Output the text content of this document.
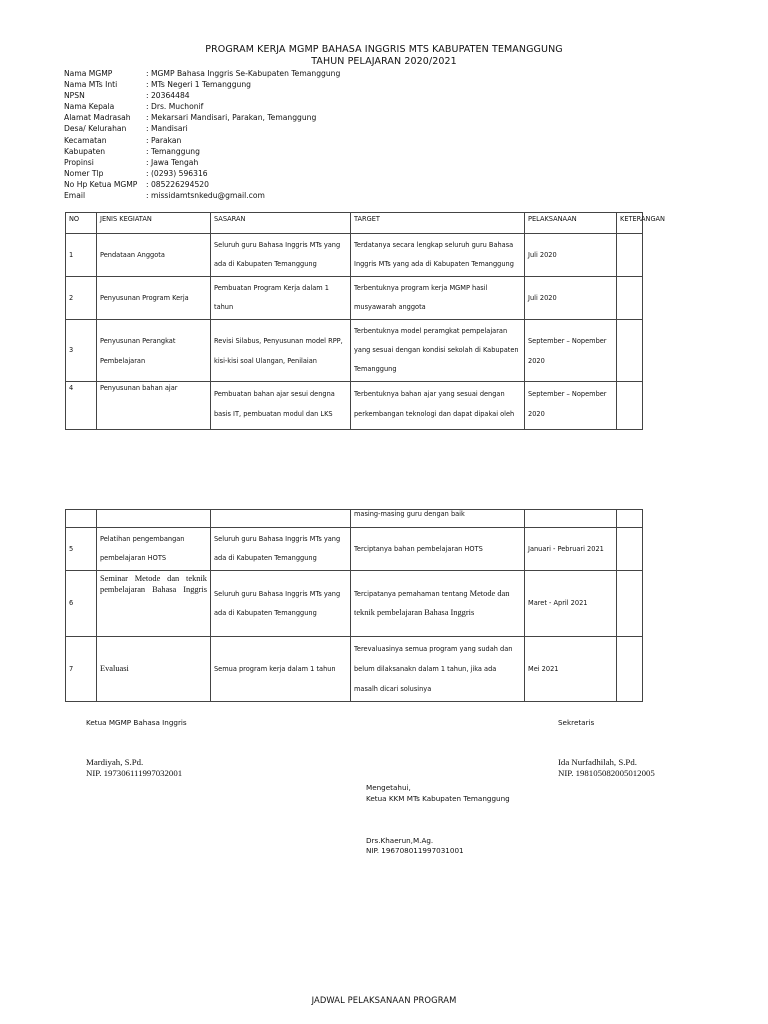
PROGRAM KERJA MGMP BAHASA INGGRIS MTS KABUPATEN TEMANGGUNG
TAHUN PELAJARAN 2020/2021
Nama MGMP	: MGMP Bahasa Inggris Se-Kabupaten Temanggung
Nama MTs Inti	: MTs Negeri 1 Temanggung
NPSN	: 20364484
Nama Kepala	: Drs. Muchonif
Alamat Madrasah	: Mekarsari Mandisari, Parakan, Temanggung
Desa/ Kelurahan	: Mandisari
Kecamatan	: Parakan
Kabupaten	: Temanggung
Propinsi	: Jawa Tengah
Nomer Tlp	: (0293) 596316
No Hp Ketua MGMP	: 085226294520
Email	: missidamtsnkedu@gmail.com
NO	JENIS KEGIATAN	SASARAN	TARGET	PELAKSANAAN	KETERANGAN
1	Pendataan Anggota	Seluruh guru Bahasa Inggris MTs yang ada di Kabupaten Temanggung	Terdatanya secara lengkap seluruh guru Bahasa Inggris MTs yang ada di Kabupaten Temanggung	Juli 2020	
2	Penyusunan Program Kerja	Pembuatan Program Kerja dalam 1 tahun	Terbentuknya program kerja MGMP hasil musyawarah anggota	Juli 2020	
3	Penyusunan Perangkat Pembelajaran	Revisi Silabus, Penyusunan model RPP, kisi-kisi soal Ulangan, Penilaian	Terbentuknya model peramgkat pempelajaran yang sesuai dengan kondisi sekolah di Kabupaten Temanggung	September – Nopember 2020	
4	Penyusunan bahan ajar	Pembuatan bahan ajar sesui dengna basis IT, pembuatan modul dan LKS	Terbentuknya bahan ajar yang sesuai dengan perkembangan teknologi dan dapat dipakai oleh	September – Nopember 2020	
			masing-masing guru dengan baik		
5	Pelatihan pengembangan pembelajaran HOTS	Seluruh guru Bahasa Inggris MTs yang ada di Kabupaten Temanggung	Terciptanya bahan pembelajaran HOTS	Januari - Pebruari 2021	
6	Seminar Metode dan teknik pembelajaran Bahasa Inggris	Seluruh guru Bahasa Inggris MTs yang ada di Kabupaten Temanggung	Tercipatanya pemahaman tentang Metode dan teknik pembelajaran Bahasa Inggris	Maret - April 2021	
7	Evaluasi	Semua program kerja dalam 1 tahun	Terevaluasinya semua program yang sudah dan belum dilaksanakn dalam 1 tahun, jika ada masalh dicari solusinya	Mei 2021	
Ketua MGMP Bahasa Inggris	Sekretaris
Mardiyah, S.Pd.
NIP. 197306111997032001
Ida Nurfadhilah, S.Pd.
NIP. 198105082005012005
Mengetahui,
Ketua KKM MTs Kabupaten Temanggung
Drs.Khaerun,M.Ag.
NIP. 196708011997031001
JADWAL PELAKSANAAN PROGRAM
